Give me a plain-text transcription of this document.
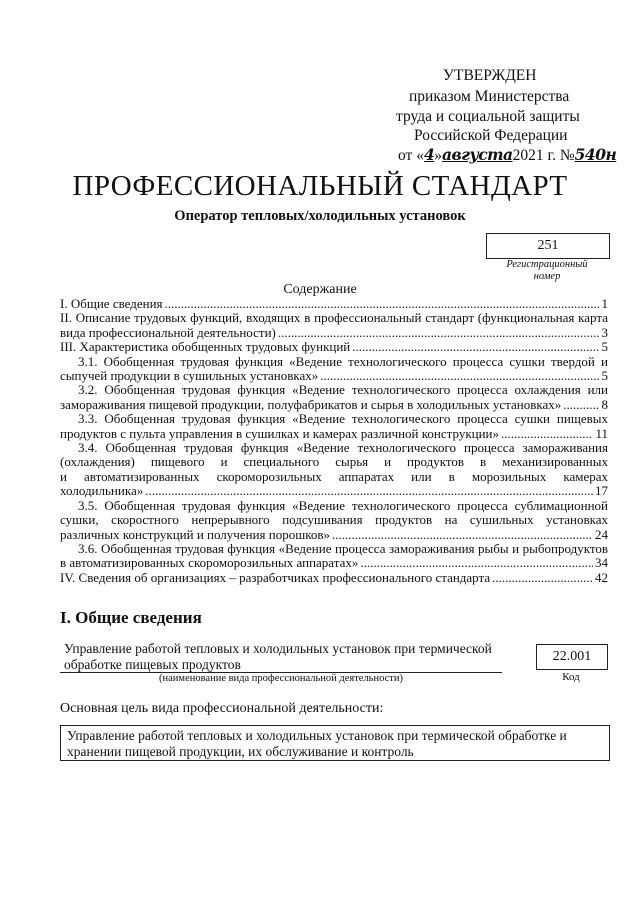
УТВЕРЖДЕН
приказом Министерства
труда и социальной защиты
Российской Федерации
от «4»августа2021 г. №540н
ПРОФЕССИОНАЛЬНЫЙ СТАНДАРТ
Оператор тепловых/холодильных установок
251
Регистрационный
номер
Содержание
I. Общие сведения .....	1
II. Описание трудовых функций, входящих в профессиональный стандарт (функциональная карта
вида профессиональной деятельности) .....	3
III. Характеристика обобщенных трудовых функций .....	5
3.1. Обобщенная трудовая функция «Ведение технологического процесса сушки твердой и
сыпучей продукции в сушильных установках» .....	5
3.2. Обобщенная трудовая функция «Ведение технологического процесса охлаждения или
замораживания пищевой продукции, полуфабрикатов и сырья в холодильных установках» .....	8
3.3. Обобщенная трудовая функция «Ведение технологического процесса сушки пищевых
продуктов с пульта управления в сушилках и камерах различной конструкции» .....	11
3.4. Обобщенная трудовая функция «Ведение технологического процесса замораживания
(охлаждения) пищевого и специального сырья и продуктов в механизированных
и автоматизированных скороморозильных аппаратах или в морозильных камерах
холодильника» .....	17
3.5. Обобщенная трудовая функция «Ведение технологического процесса сублимационной
сушки, скоростного непрерывного подсушивания продуктов на сушильных установках
различных конструкций и получения порошков» .....	24
3.6. Обобщенная трудовая функция «Ведение процесса замораживания рыбы и рыбопродуктов
в автоматизированных скороморозильных аппаратах» .....	34
IV. Сведения об организациях – разработчиках профессионального стандарта .....	42
I. Общие сведения
Управление работой тепловых и холодильных установок при термической
обработке пищевых продуктов
(наименование вида профессиональной деятельности)
22.001
Код
Основная цель вида профессиональной деятельности:
Управление работой тепловых и холодильных установок при термической обработке и
хранении пищевой продукции, их обслуживание и контроль
